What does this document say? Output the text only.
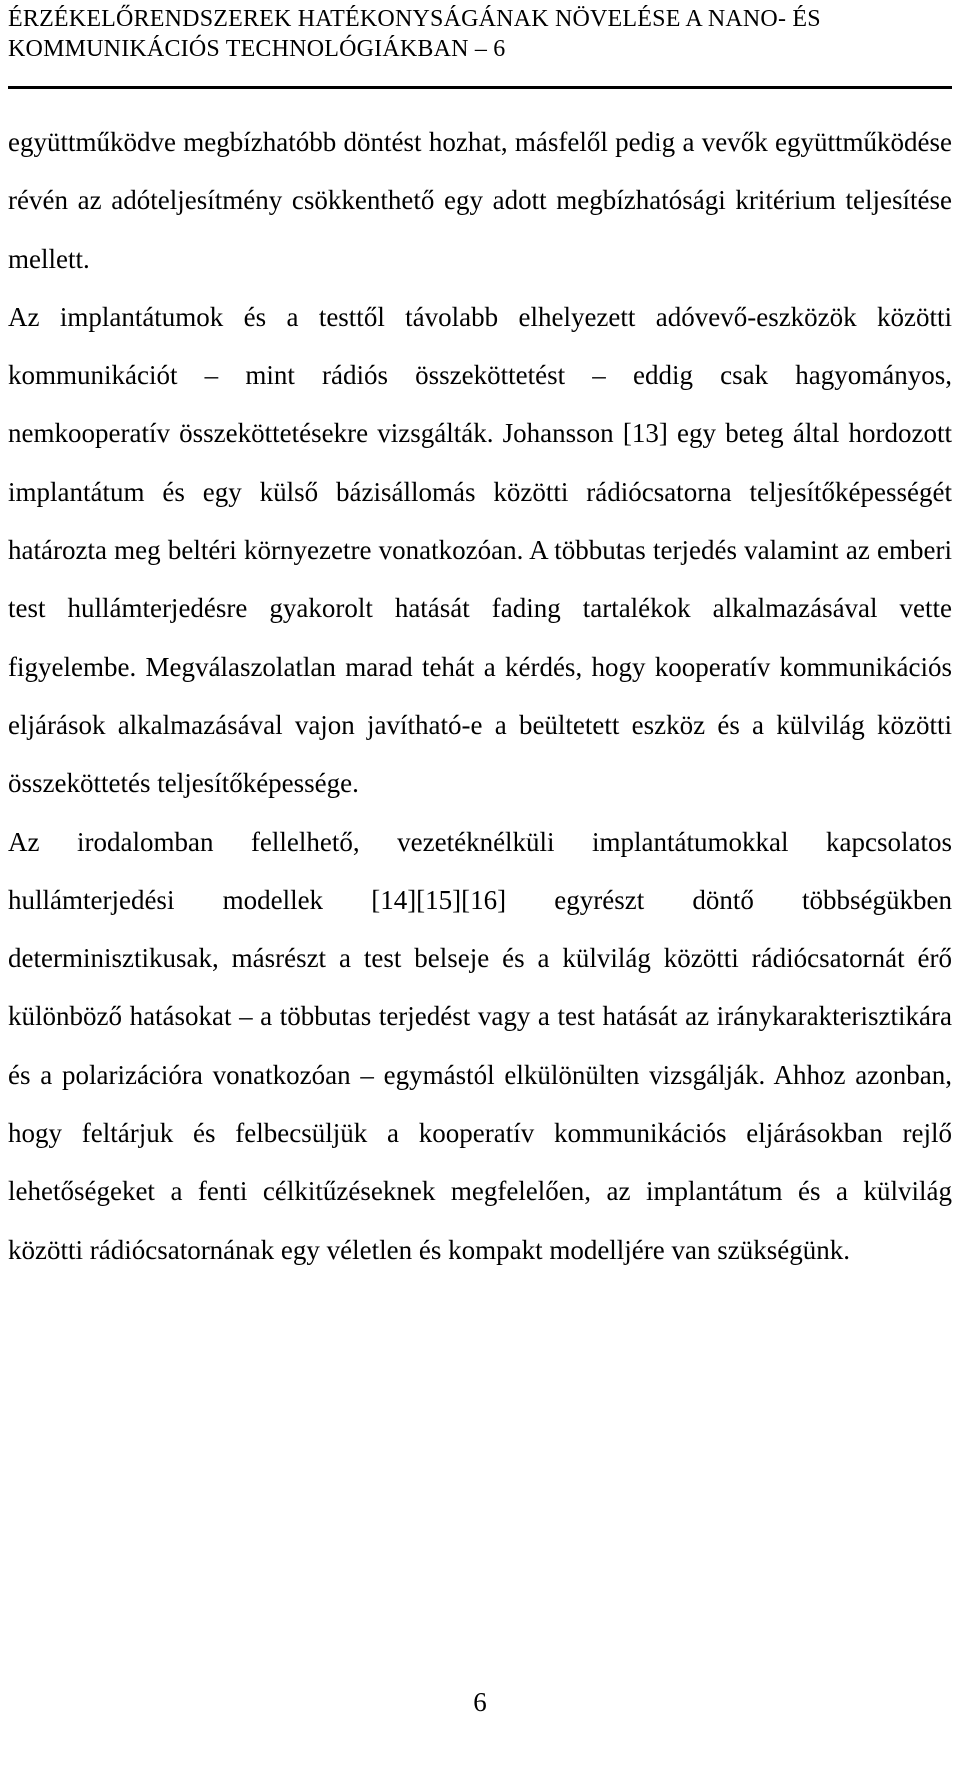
ÉRZÉKELŐRENDSZEREK HATÉKONYSÁGÁNAK NÖVELÉSE A NANO- ÉS
KOMMUNIKÁCIÓS TECHNOLÓGIÁKBAN – 6

együttműködve megbízhatóbb döntést hozhat, másfelől pedig a vevők együttműködése révén az adóteljesítmény csökkenthető egy adott megbízhatósági kritérium teljesítése mellett.

Az implantátumok és a testtől távolabb elhelyezett adóvevő-eszközök közötti kommunikációt – mint rádiós összeköttetést – eddig csak hagyományos, nemkooperatív összeköttetésekre vizsgálták. Johansson [13] egy beteg által hordozott implantátum és egy külső bázisállomás közötti rádiócsatorna teljesítőképességét határozta meg beltéri környezetre vonatkozóan. A többutas terjedés valamint az emberi test hullámterjedésre gyakorolt hatását fading tartalékok alkalmazásával vette figyelembe. Megválaszolatlan marad tehát a kérdés, hogy kooperatív kommunikációs eljárások alkalmazásával vajon javítható-e a beültetett eszköz és a külvilág közötti összeköttetés teljesítőképessége.

Az irodalomban fellelhető, vezetéknélküli implantátumokkal kapcsolatos hullámterjedési modellek [14][15][16] egyrészt döntő többségükben determinisztikusak, másrészt a test belseje és a külvilág közötti rádiócsatornát érő különböző hatásokat – a többutas terjedést vagy a test hatását az iránykarakterisztikára és a polarizációra vonatkozóan – egymástól elkülönülten vizsgálják. Ahhoz azonban, hogy feltárjuk és felbecsüljük a kooperatív kommunikációs eljárásokban rejlő lehetőségeket a fenti célkitűzéseknek megfelelően, az implantátum és a külvilág közötti rádiócsatornának egy véletlen és kompakt modelljére van szükségünk.

6
